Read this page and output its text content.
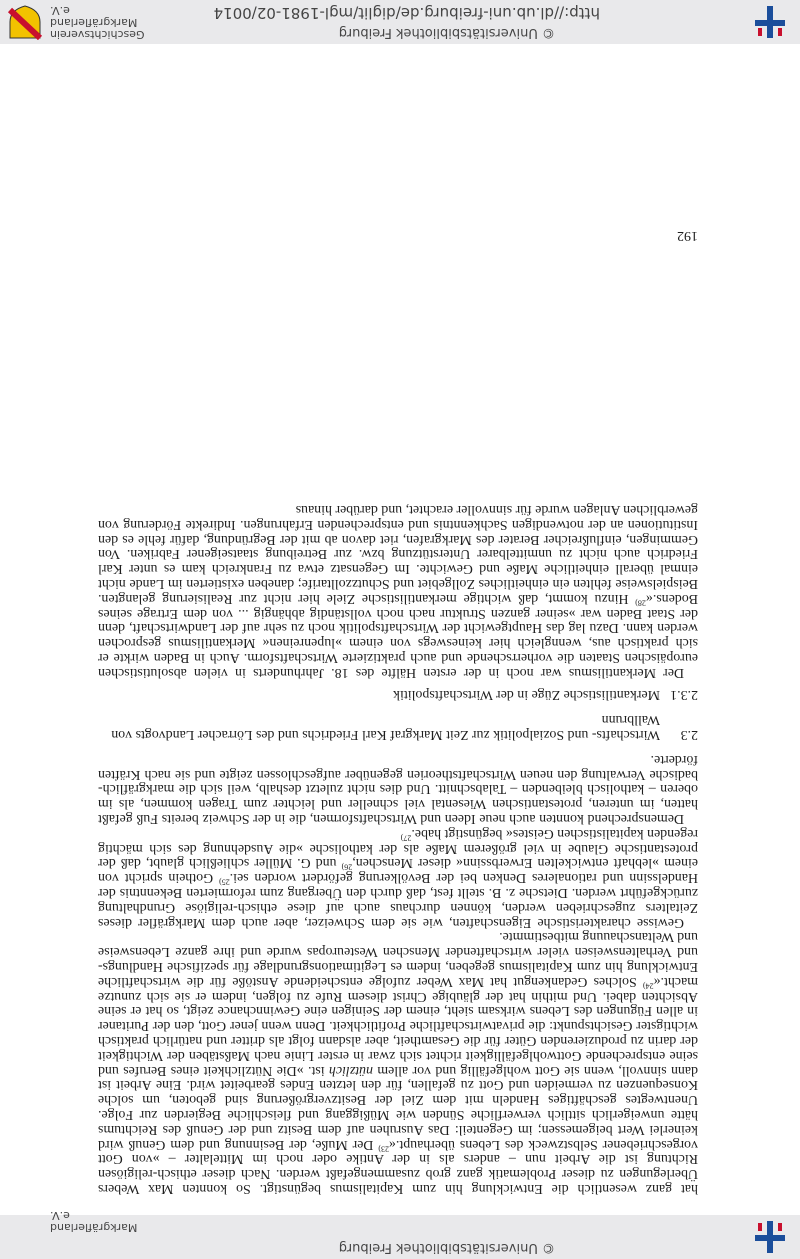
© Universitätsbibliothek Freiburg
Markgräflerland e.V.
http://dl.ub.uni-freiburg.de/diglit/mgl-1981-02/0014
© Universitätsbibliothek Freiburg
Geschichtsverein
Markgräflerland e.V.

hat ganz wesentlich die Entwicklung hin zum Kapitalismus begünstigt. So konnten Max Webers Überlegungen zu dieser Problematik ganz grob zusammengefaßt werden. Nach dieser ethisch-religiösen Richtung ist die Arbeit nun – anders als in der Antike oder noch im Mittelalter – »von Gott vorgeschriebener Selbstzweck des Lebens überhaupt.«$^{23)}$ Der Muße, der Besinnung und dem Genuß wird keinerlei Wert beigemessen; im Gegenteil: Das Ausruhen auf dem Besitz und der Genuß des Reichtums hätte unweigerlich sittlich verwerfliche Sünden wie Müßiggang und fleischliche Begierden zur Folge. Unentwegtes geschäftiges Handeln mit dem Ziel der Besitzvergrößerung sind geboten, um solche Konsequenzen zu vermeiden und Gott zu gefallen, für den letzten Endes gearbeitet wird. Eine Arbeit ist dann sinnvoll, wenn sie Gott wohlgefällig und vor allem nützlich ist. »Die Nützlichkeit eines Berufes und seine entsprechende Gottwohlgefälligkeit richtet sich zwar in erster Linie nach Maßstäben der Wichtigkeit der darin zu produzierenden Güter für die Gesamtheit, aber alsdann folgt als dritter und natürlich praktisch wichtigster Gesichtspunkt: die privatwirtschaftliche Profitlichkeit. Denn wenn jener Gott, den der Puritaner in allen Fügungen des Lebens wirksam sieht, einem der Seinigen eine Gewinnchance zeigt, so hat er seine Absichten dabei. Und mithin hat der gläubige Christ diesem Rufe zu folgen, indem er sie sich zunutze macht.«$^{24)}$ Solches Gedankengut hat Max Weber zufolge entscheidende Anstöße für die wirtschaftliche Entwicklung hin zum Kapitalismus gegeben, indem es Legitimationsgrundlage für spezifische Handlungs- und Verhaltensweisen vieler wirtschaftender Menschen Westeuropas wurde und ihre ganze Lebensweise und Weltanschauung mitbestimmte.

Gewisse charakteristische Eigenschaften, wie sie dem Schweizer, aber auch dem Markgräfler dieses Zeitalters zugeschrieben werden, können durchaus auch auf diese ethisch-religiöse Grundhaltung zurückgeführt werden. Dietsche z. B. stellt fest, daß durch den Übergang zum reformierten Bekenntnis der Handelssinn und rationaleres Denken bei der Bevölkerung gefördert worden sei.$^{25)}$ Gothein spricht von einem »lebhaft entwickelten Erwerbssinn« dieser Menschen,$^{26)}$ und G. Müller schließlich glaubt, daß der protestantische Glaube in viel größerem Maße als der katholische »die Ausdehnung des sich mächtig regenden kapitalistischen Geistes« begünstigt habe.$^{27)}$

Demensprechend konnten auch neue Ideen und Wirtschaftsformen, die in der Schweiz bereits Fuß gefaßt hatten, im unteren, protestantischen Wiesental viel schneller und leichter zum Tragen kommen, als im oberen – katholisch bleibenden – Talabschnitt. Und dies nicht zuletzt deshalb, weil sich die markgräflich-badische Verwaltung den neuen Wirtschaftstheorien gegenüber aufgeschlossen zeigte und sie nach Kräften förderte.

2.3
Wirtschafts- und Sozialpolitik zur Zeit Markgraf Karl Friedrichs und des Lörracher Landvogts von Wallbrunn
2.3.1
Merkantilistische Züge in der Wirtschaftspolitik

Der Merkantilismus war noch in der ersten Hälfte des 18. Jahrhunderts in vielen absolutistischen europäischen Staaten die vorherrschende und auch praktizierte Wirtschaftsform. Auch in Baden wirkte er sich praktisch aus, wenngleich hier keineswegs von einem »lupenreinen« Merkantilismus gesprochen werden kann. Dazu lag das Hauptgewicht der Wirtschaftspolitik noch zu sehr auf der Landwirtschaft, denn der Staat Baden war »seiner ganzen Struktur nach noch vollständig abhängig ... von dem Ertrage seines Bodens.«$^{28)}$ Hinzu kommt, daß wichtige merkantilistische Ziele hier nicht zur Realisierung gelangten. Beispielsweise fehlten ein einheitliches Zollgebiet und Schutzzolltarife; daneben existierten im Lande nicht einmal überall einheitliche Maße und Gewichte. Im Gegensatz etwa zu Frankreich kam es unter Karl Friedrich auch nicht zu unmittelbarer Unterstützung bzw. zur Betreibung staatseigener Fabriken. Von Gemmingen, einflußreicher Berater des Markgrafen, riet davon ab mit der Begründung, dafür fehle es den Institutionen an der notwendigen Sachkenntnis und entsprechenden Erfahrungen. Indirekte Förderung von gewerblichen Anlagen wurde für sinnvoller erachtet, und darüber hinaus

192
